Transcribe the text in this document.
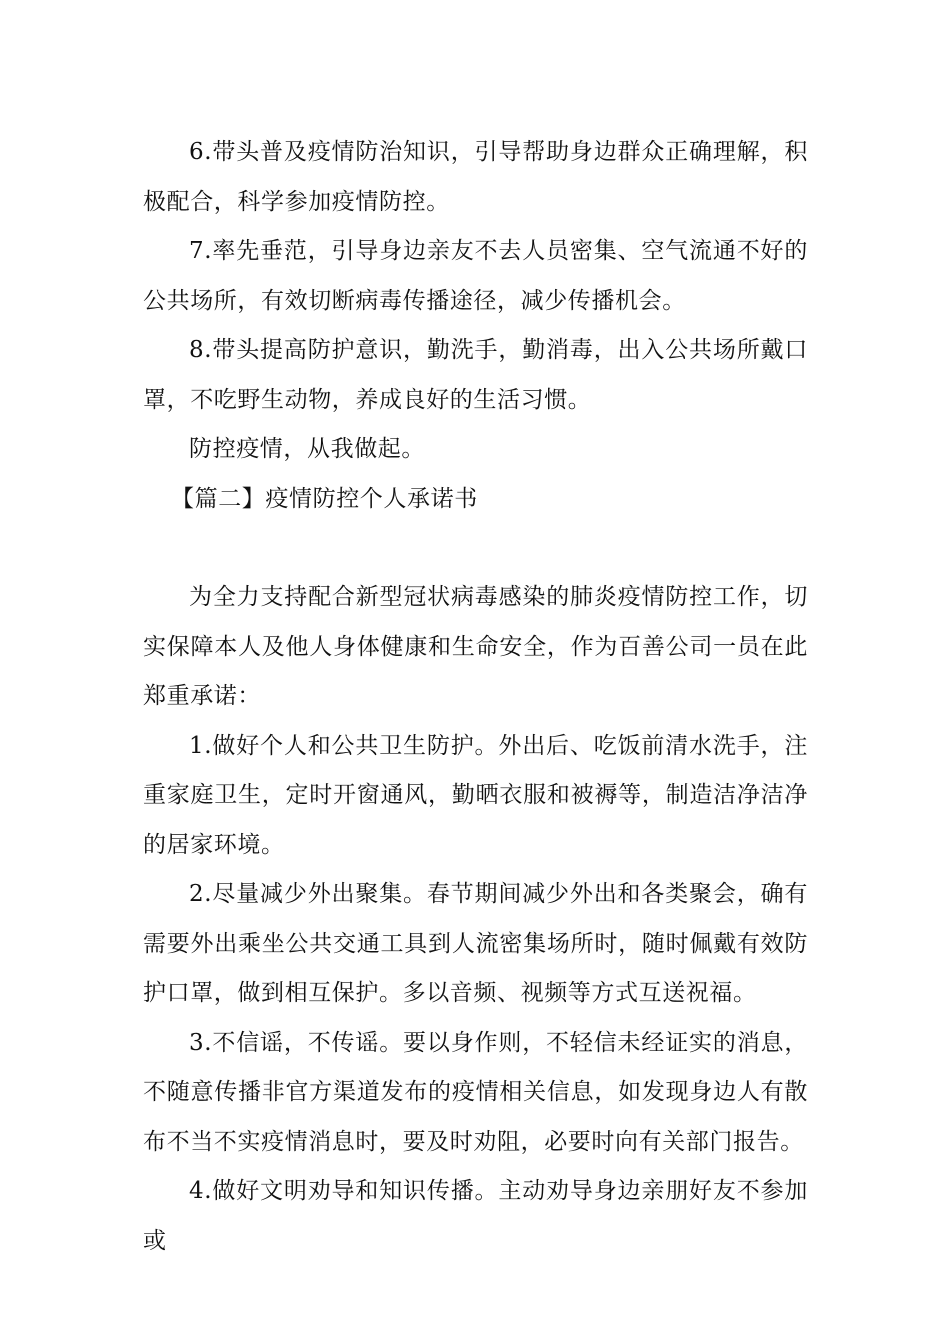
6.带头普及疫情防治知识，引导帮助身边群众正确理解，积极配合，科学参加疫情防控。

7.率先垂范，引导身边亲友不去人员密集、空气流通不好的公共场所，有效切断病毒传播途径，减少传播机会。

8.带头提高防护意识，勤洗手，勤消毒，出入公共场所戴口罩，不吃野生动物，养成良好的生活习惯。

防控疫情，从我做起。

【篇二】疫情防控个人承诺书

为全力支持配合新型冠状病毒感染的肺炎疫情防控工作，切实保障本人及他人身体健康和生命安全，作为百善公司一员在此郑重承诺：

1.做好个人和公共卫生防护。外出后、吃饭前清水洗手，注重家庭卫生，定时开窗通风，勤晒衣服和被褥等，制造洁净洁净的居家环境。

2.尽量减少外出聚集。春节期间减少外出和各类聚会，确有需要外出乘坐公共交通工具到人流密集场所时，随时佩戴有效防护口罩，做到相互保护。多以音频、视频等方式互送祝福。

3.不信谣，不传谣。要以身作则，不轻信未经证实的消息，不随意传播非官方渠道发布的疫情相关信息，如发现身边人有散布不当不实疫情消息时，要及时劝阻，必要时向有关部门报告。

4.做好文明劝导和知识传播。主动劝导身边亲朋好友不参加或
